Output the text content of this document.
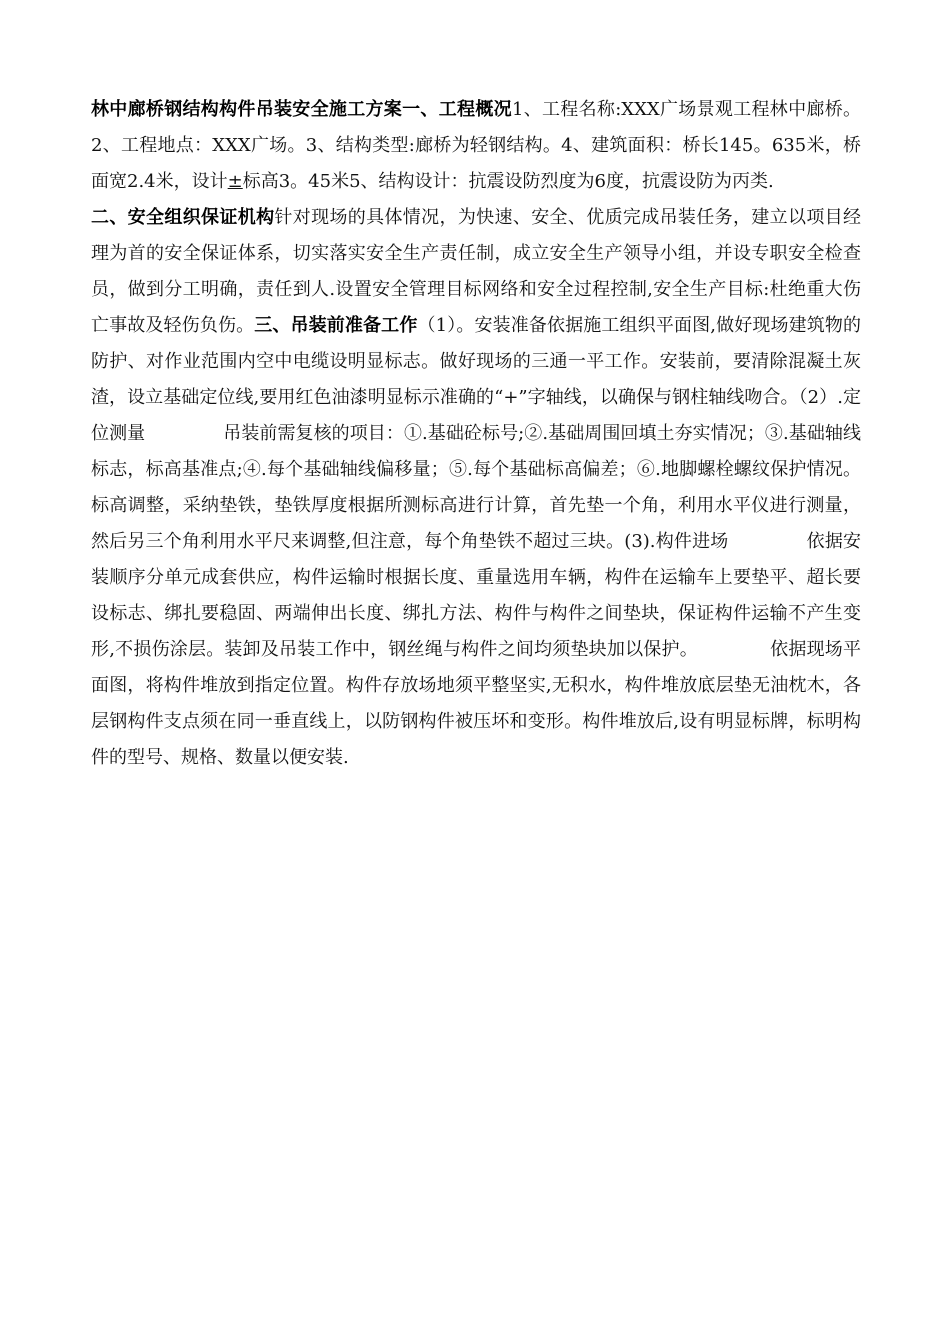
林中廊桥钢结构构件吊装安全施工方案一、工程概况1、工程名称:XXX广场景观工程林中廊桥。2、工程地点：XXX广场。3、结构类型:廊桥为轻钢结构。4、建筑面积：桥长145。635米，桥面宽2.4米，设计±标高3。45米5、结构设计：抗震设防烈度为6度，抗震设防为丙类.

二、安全组织保证机构针对现场的具体情况，为快速、安全、优质完成吊装任务，建立以项目经理为首的安全保证体系，切实落实安全生产责任制，成立安全生产领导小组，并设专职安全检查员，做到分工明确，责任到人.设置安全管理目标网络和安全过程控制,安全生产目标:杜绝重大伤亡事故及轻伤负伤。三、吊装前准备工作（1）。安装准备依据施工组织平面图,做好现场建筑物的防护、对作业范围内空中电缆设明显标志。做好现场的三通一平工作。安装前，要清除混凝土灰渣，设立基础定位线,要用红色油漆明显标示准确的“+”字轴线，以确保与钢柱轴线吻合。（2）.定位测量	吊装前需复核的项目：①.基础砼标号;②.基础周围回填土夯实情况；③.基础轴线标志，标高基准点;④.每个基础轴线偏移量；⑤.每个基础标高偏差；⑥.地脚螺栓螺纹保护情况。标高调整，采纳垫铁，垫铁厚度根据所测标高进行计算，首先垫一个角，利用水平仪进行测量，然后另三个角利用水平尺来调整,但注意，每个角垫铁不超过三块。(3).构件进场	依据安装顺序分单元成套供应，构件运输时根据长度、重量选用车辆，构件在运输车上要垫平、超长要设标志、绑扎要稳固、两端伸出长度、绑扎方法、构件与构件之间垫块，保证构件运输不产生变形,不损伤涂层。装卸及吊装工作中，钢丝绳与构件之间均须垫块加以保护。	依据现场平面图，将构件堆放到指定位置。构件存放场地须平整坚实,无积水，构件堆放底层垫无油枕木，各层钢构件支点须在同一垂直线上，以防钢构件被压坏和变形。构件堆放后,设有明显标牌，标明构件的型号、规格、数量以便安装.
